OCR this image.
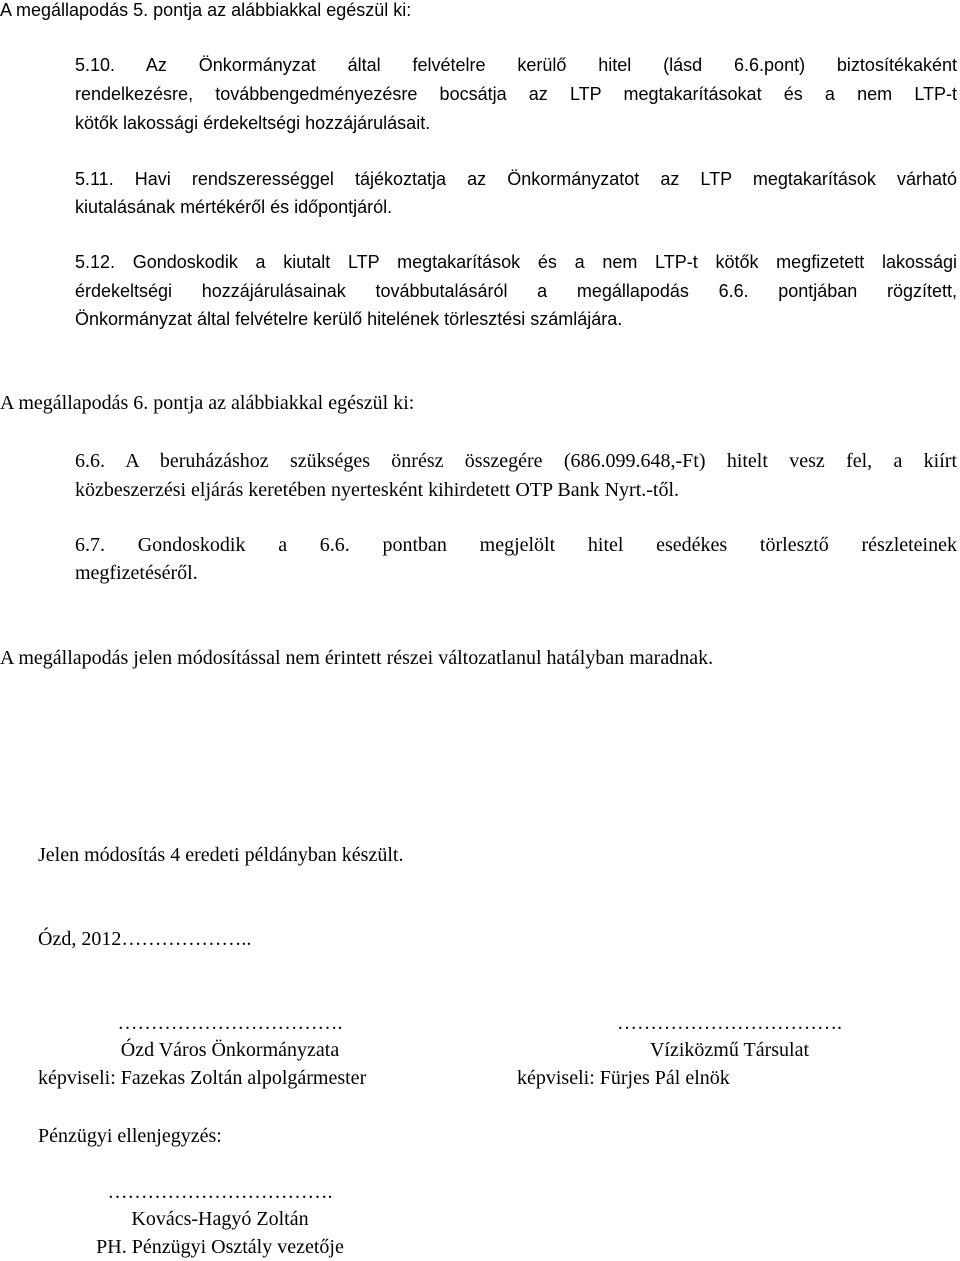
A megállapodás 5. pontja az alábbiakkal egészül ki:
5.10. Az Önkormányzat által felvételre kerülő hitel (lásd 6.6.pont) biztosítékaként
rendelkezésre, továbbengedményezésre bocsátja az LTP megtakarításokat és a nem LTP-t
kötők lakossági érdekeltségi hozzájárulásait.
5.11. Havi rendszerességgel tájékoztatja az Önkormányzatot az LTP megtakarítások várható
kiutalásának mértékéről és időpontjáról.
5.12. Gondoskodik a kiutalt LTP megtakarítások és a nem LTP-t kötők megfizetett lakossági
érdekeltségi hozzájárulásainak továbbutalásáról a megállapodás 6.6. pontjában rögzített,
Önkormányzat által felvételre kerülő hitelének törlesztési számlájára.
A megállapodás 6. pontja az alábbiakkal egészül ki:
6.6. A beruházáshoz szükséges önrész összegére (686.099.648,-Ft) hitelt vesz fel, a kiírt
közbeszerzési eljárás keretében nyertesként kihirdetett OTP Bank Nyrt.-től.
6.7. Gondoskodik a 6.6. pontban megjelölt hitel esedékes törlesztő részleteinek
megfizetéséről.
A megállapodás jelen módosítással nem érintett részei változatlanul hatályban maradnak.
Jelen módosítás 4 eredeti példányban készült.
Ózd, 2012………………..
…………………………….
Ózd Város Önkormányzata
képviseli: Fazekas Zoltán alpolgármester
…………………………….
Víziközmű Társulat
képviseli: Fürjes Pál elnök
Pénzügyi ellenjegyzés:
…………………………….
Kovács-Hagyó Zoltán
PH. Pénzügyi Osztály vezetője
